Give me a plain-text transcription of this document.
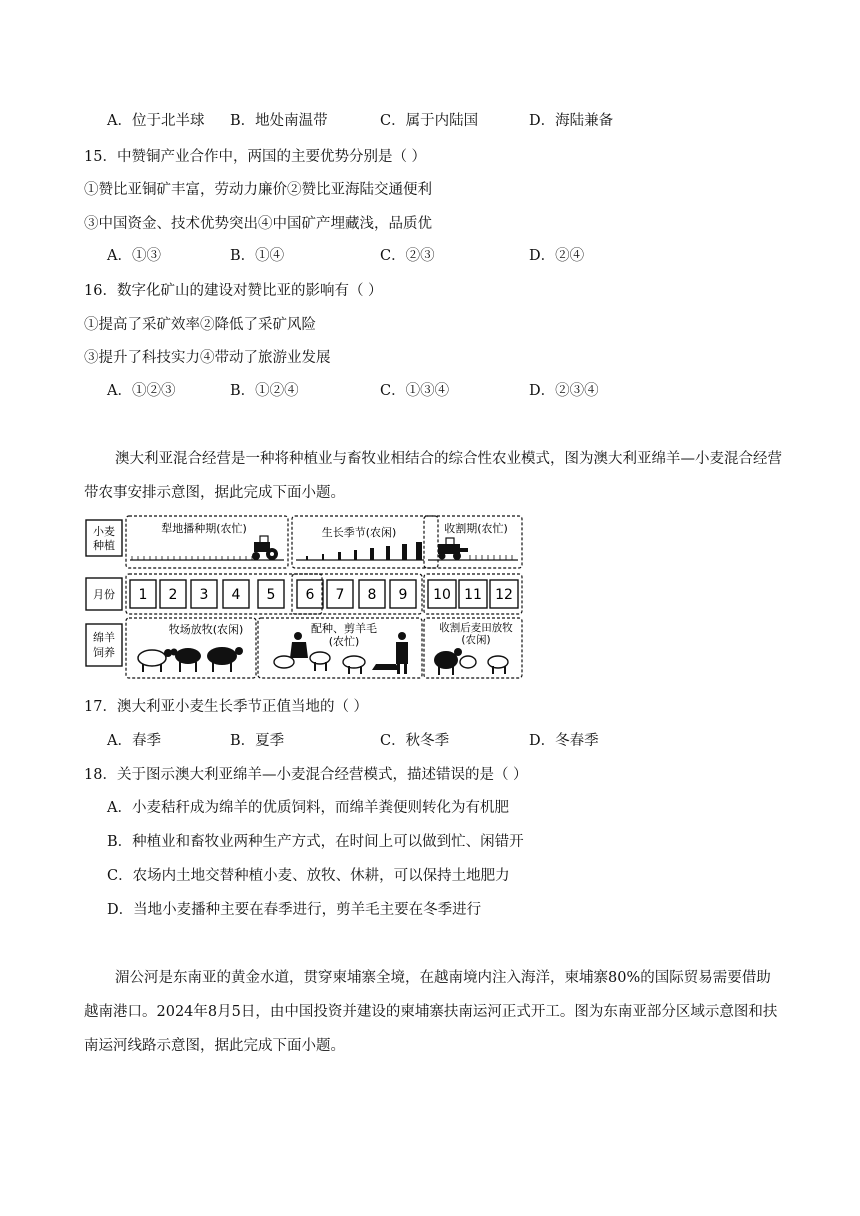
A．位于北半球 B．地处南温带	C．属于内陆国	D．海陆兼备
15．中赞铜产业合作中，两国的主要优势分别是（ ）
①赞比亚铜矿丰富，劳动力廉价②赞比亚海陆交通便利
③中国资金、技术优势突出④中国矿产埋藏浅，品质优
A．①③	B．①④	C．②③	D．②④
16．数字化矿山的建设对赞比亚的影响有（ ）
①提高了采矿效率②降低了采矿风险
③提升了科技实力④带动了旅游业发展
A．①②③	B．①②④	C．①③④	D．②③④
澳大利亚混合经营是一种将种植业与畜牧业相结合的综合性农业模式，图为澳大利亚绵羊—小麦混合经营带农事安排示意图，据此完成下面小题。
小麦
种植
月份
绵羊
饲养
犁地播种期(农忙)	生长季节(农闲)	收割期(农忙)
1 2 3 4 5 6 7 8 9 10 11 12
牧场放牧(农闲)	配种、剪羊毛
(农忙)
收割后麦田放牧
(农闲)
17．澳大利亚小麦生长季节正值当地的（ ）
A．春季	B．夏季	C．秋冬季	D．冬春季
18．关于图示澳大利亚绵羊—小麦混合经营模式，描述错误的是（ ）
A．小麦秸秆成为绵羊的优质饲料，而绵羊粪便则转化为有机肥
B．种植业和畜牧业两种生产方式，在时间上可以做到忙、闲错开
C．农场内土地交替种植小麦、放牧、休耕，可以保持土地肥力
D．当地小麦播种主要在春季进行，剪羊毛主要在冬季进行
湄公河是东南亚的黄金水道，贯穿柬埔寨全境，在越南境内注入海洋，柬埔寨80%的国际贸易需要借助越南港口。2024年8月5日，由中国投资并建设的柬埔寨扶南运河正式开工。图为东南亚部分区域示意图和扶南运河线路示意图，据此完成下面小题。
